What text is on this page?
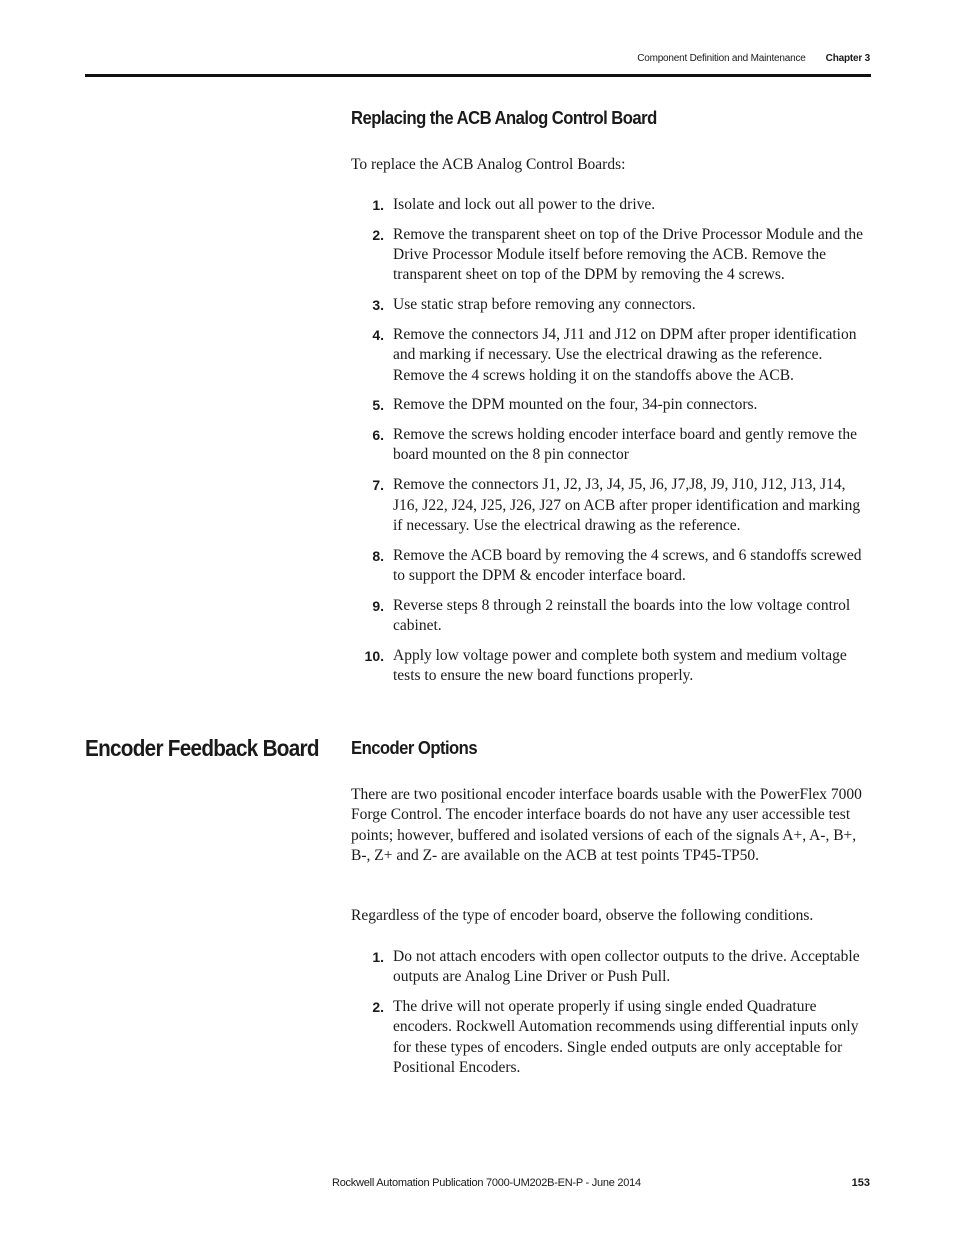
Component Definition and Maintenance Chapter 3
Replacing the ACB Analog Control Board

To replace the ACB Analog Control Boards:

1. Isolate and lock out all power to the drive.
2. Remove the transparent sheet on top of the Drive Processor Module and the Drive Processor Module itself before removing the ACB. Remove the transparent sheet on top of the DPM by removing the 4 screws.
3. Use static strap before removing any connectors.
4. Remove the connectors J4, J11 and J12 on DPM after proper identification and marking if necessary. Use the electrical drawing as the reference. Remove the 4 screws holding it on the standoffs above the ACB.
5. Remove the DPM mounted on the four, 34-pin connectors.
6. Remove the screws holding encoder interface board and gently remove the board mounted on the 8 pin connector
7. Remove the connectors J1, J2, J3, J4, J5, J6, J7,J8, J9, J10, J12, J13, J14, J16, J22, J24, J25, J26, J27 on ACB after proper identification and marking if necessary. Use the electrical drawing as the reference.
8. Remove the ACB board by removing the 4 screws, and 6 standoffs screwed to support the DPM & encoder interface board.
9. Reverse steps 8 through 2 reinstall the boards into the low voltage control cabinet.
10. Apply low voltage power and complete both system and medium voltage tests to ensure the new board functions properly.
Encoder Feedback Board Encoder Options

There are two positional encoder interface boards usable with the PowerFlex 7000 Forge Control. The encoder interface boards do not have any user accessible test points; however, buffered and isolated versions of each of the signals A+, A-, B+, B-, Z+ and Z- are available on the ACB at test points TP45-TP50.

Regardless of the type of encoder board, observe the following conditions.

1. Do not attach encoders with open collector outputs to the drive. Acceptable outputs are Analog Line Driver or Push Pull.
2. The drive will not operate properly if using single ended Quadrature encoders. Rockwell Automation recommends using differential inputs only for these types of encoders. Single ended outputs are only acceptable for Positional Encoders.
Rockwell Automation Publication 7000-UM202B-EN-P - June 2014	153
